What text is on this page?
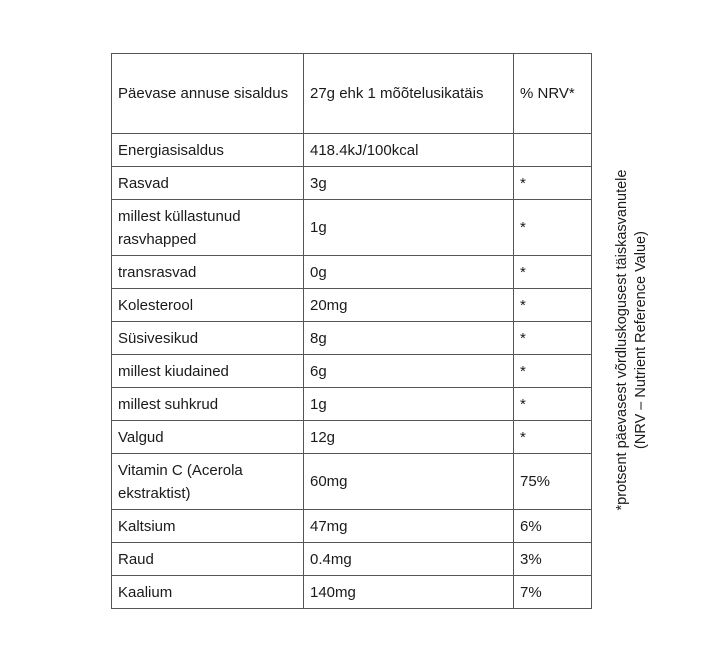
Päevase annuse sisaldus	27g ehk 1 mõõtelusikatäis	% NRV*
Energiasisaldus	418.4kJ/100kcal	
Rasvad	3g	*
millest küllastunud rasvhapped	1g	*
transrasvad	0g	*
Kolesterool	20mg	*
Süsivesikud	8g	*
millest kiudained	6g	*
millest suhkrud	1g	*
Valgud	12g	*
Vitamin C (Acerola ekstraktist)	60mg	75%
Kaltsium	47mg	6%
Raud	0.4mg	3%
Kaalium	140mg	7%
*protsent päevasest võrdluskogusest täiskasvanutele (NRV – Nutrient Reference Value)
